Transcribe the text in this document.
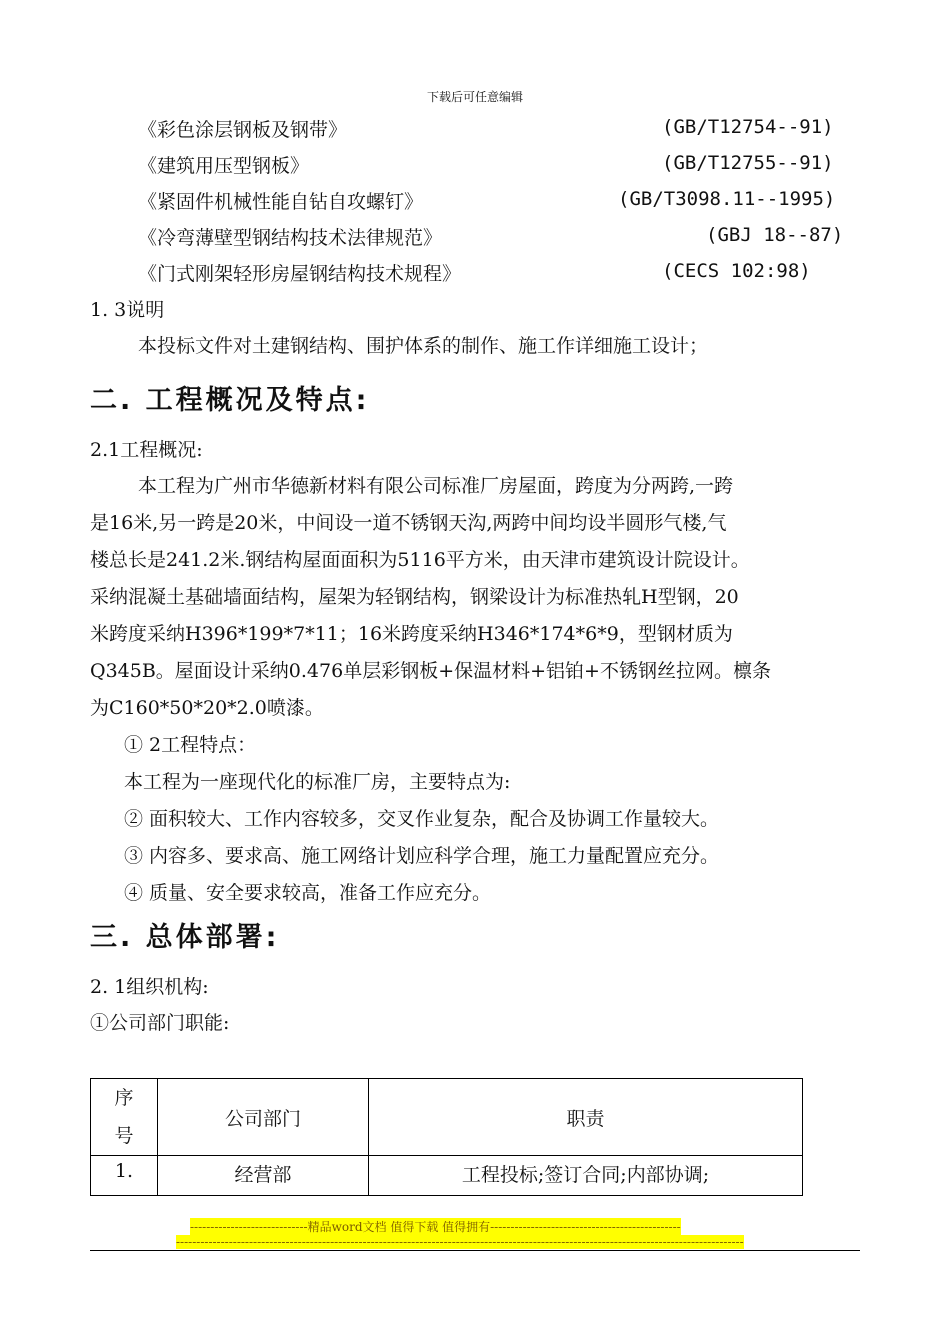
下载后可任意编辑
《彩色涂层钢板及钢带》	(GB/T12754--91)
《建筑用压型钢板》	(GB/T12755--91)
《紧固件机械性能自钻自攻螺钉》	(GB/T3098.11--1995)
《冷弯薄壁型钢结构技术法律规范》	(GBJ 18--87)
《门式刚架轻形房屋钢结构技术规程》	(CECS 102:98)
1. 3说明
本投标文件对土建钢结构、围护体系的制作、施工作详细施工设计；
二. 工程概况及特点:
2.1工程概况:
本工程为广州市华德新材料有限公司标准厂房屋面，跨度为分两跨,一跨
是16米,另一跨是20米，中间设一道不锈钢天沟,两跨中间均设半圆形气楼,气
楼总长是241.2米.钢结构屋面面积为5116平方米，由天津市建筑设计院设计。
采纳混凝土基础墙面结构，屋架为轻钢结构，钢梁设计为标准热轧H型钢，20
米跨度采纳H396*199*7*11；16米跨度采纳H346*174*6*9，型钢材质为
Q345B。屋面设计采纳0.476单层彩钢板+保温材料+铝铂+不锈钢丝拉网。檩条
为C160*50*20*2.0喷漆。
① 2工程特点：
本工程为一座现代化的标准厂房，主要特点为:
② 面积较大、工作内容较多，交叉作业复杂，配合及协调工作量较大。
③ 内容多、要求高、施工网络计划应科学合理，施工力量配置应充分。
④ 质量、安全要求较高，准备工作应充分。
三. 总体部署:
2. 1组织机构:
①公司部门职能:
序
号	公司部门	职责
1.	经营部	工程投标;签订合同;内部协调;
-----------------------------精品word文档 值得下载 值得拥有-----------------------------------------------
--------------------------------------------------------------------------------------------------------------------------------------------
